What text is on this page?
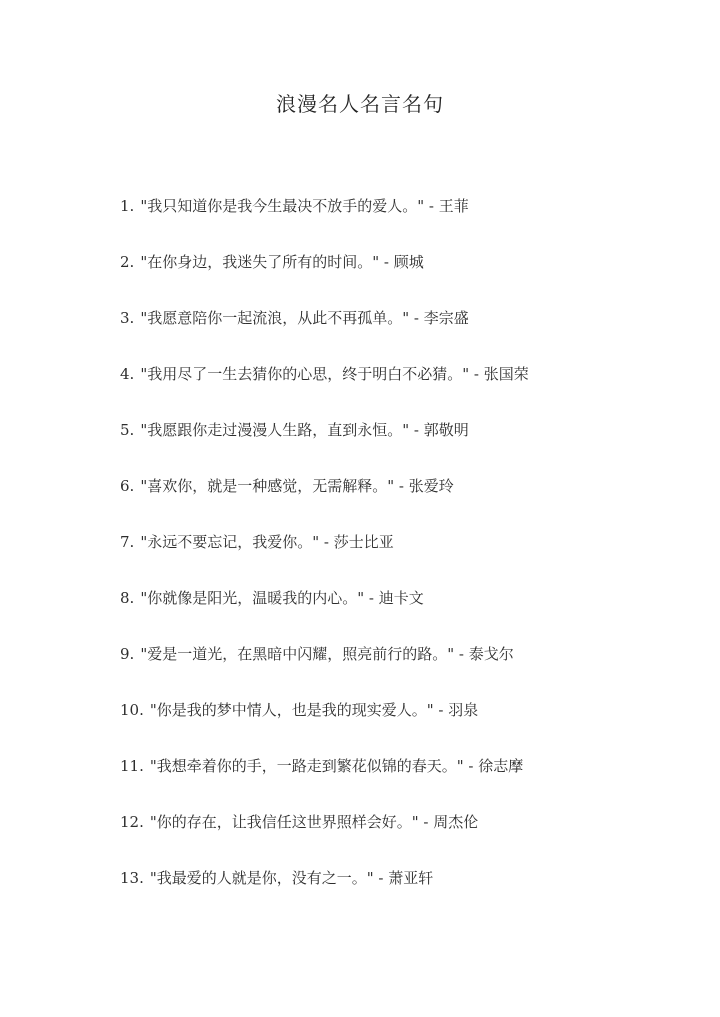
浪漫名人名言名句
1. "我只知道你是我今生最决不放手的爱人。" - 王菲
2. "在你身边，我迷失了所有的时间。" - 顾城
3. "我愿意陪你一起流浪，从此不再孤单。" - 李宗盛
4. "我用尽了一生去猜你的心思，终于明白不必猜。" - 张国荣
5. "我愿跟你走过漫漫人生路，直到永恒。" - 郭敬明
6. "喜欢你，就是一种感觉，无需解释。" - 张爱玲
7. "永远不要忘记，我爱你。" - 莎士比亚
8. "你就像是阳光，温暖我的内心。" - 迪卡文
9. "爱是一道光，在黑暗中闪耀，照亮前行的路。" - 泰戈尔
10. "你是我的梦中情人，也是我的现实爱人。" - 羽泉
11. "我想牵着你的手，一路走到繁花似锦的春天。" - 徐志摩
12. "你的存在，让我信任这世界照样会好。" - 周杰伦
13. "我最爱的人就是你，没有之一。" - 萧亚轩
